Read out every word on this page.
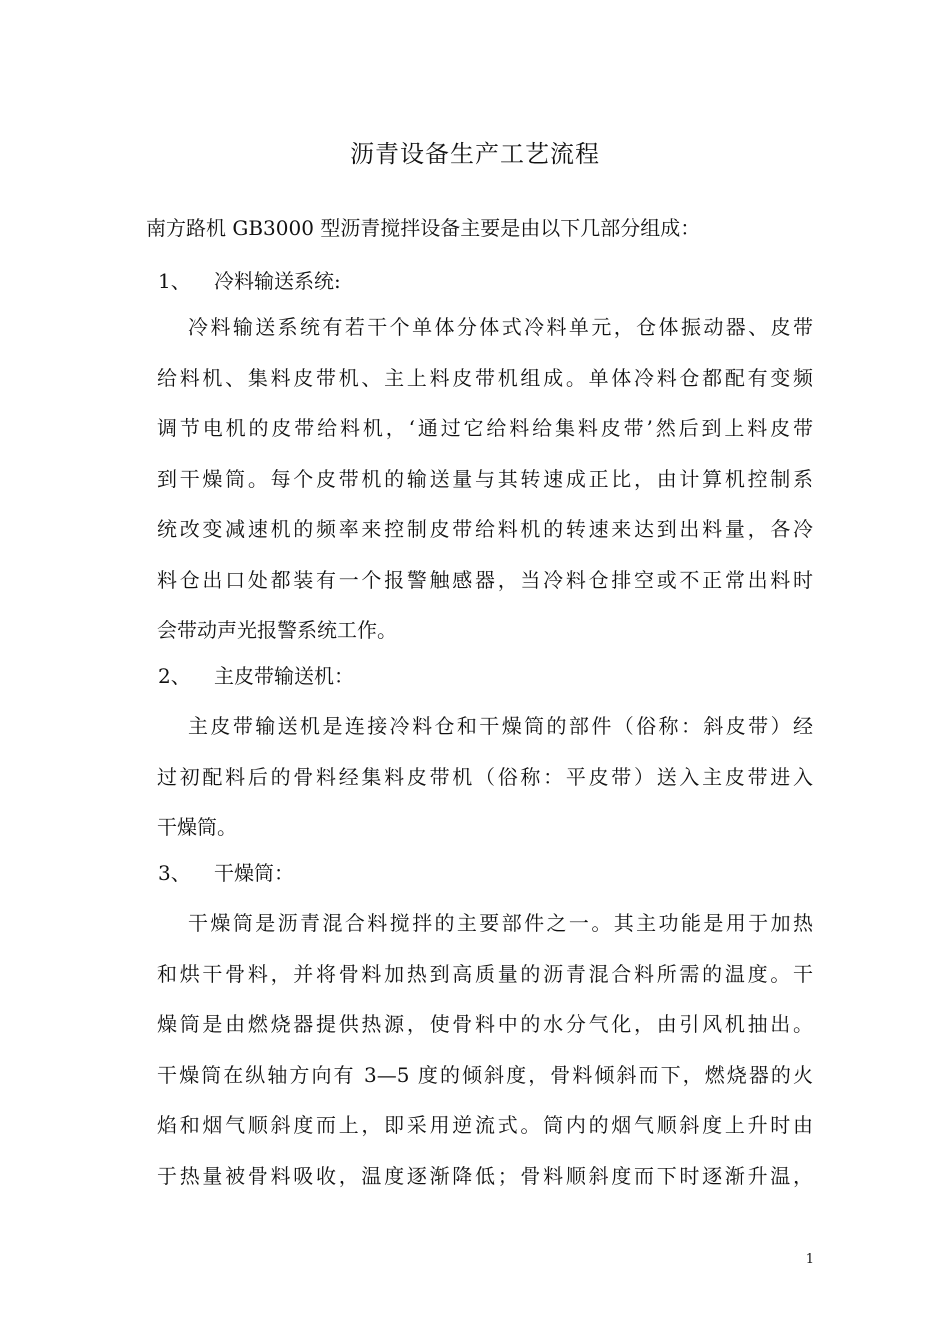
沥青设备生产工艺流程
南方路机 GB3000 型沥青搅拌设备主要是由以下几部分组成：
1、 冷料输送系统:
冷料输送系统有若干个单体分体式冷料单元，仓体振动器、皮带
给料机、集料皮带机、主上料皮带机组成。单体冷料仓都配有变频
调节电机的皮带给料机，‘通过它给料给集料皮带’然后到上料皮带
到干燥筒。每个皮带机的输送量与其转速成正比，由计算机控制系
统改变减速机的频率来控制皮带给料机的转速来达到出料量，各冷
料仓出口处都装有一个报警触感器，当冷料仓排空或不正常出料时
会带动声光报警系统工作。
2、 主皮带输送机：
主皮带输送机是连接冷料仓和干燥筒的部件（俗称：斜皮带）经
过初配料后的骨料经集料皮带机（俗称：平皮带）送入主皮带进入
干燥筒。
3、 干燥筒：
干燥筒是沥青混合料搅拌的主要部件之一。其主功能是用于加热
和烘干骨料，并将骨料加热到高质量的沥青混合料所需的温度。干
燥筒是由燃烧器提供热源，使骨料中的水分气化，由引风机抽出。
干燥筒在纵轴方向有 3—5 度的倾斜度，骨料倾斜而下，燃烧器的火
焰和烟气顺斜度而上，即采用逆流式。筒内的烟气顺斜度上升时由
于热量被骨料吸收，温度逐渐降低；骨料顺斜度而下时逐渐升温，
1
